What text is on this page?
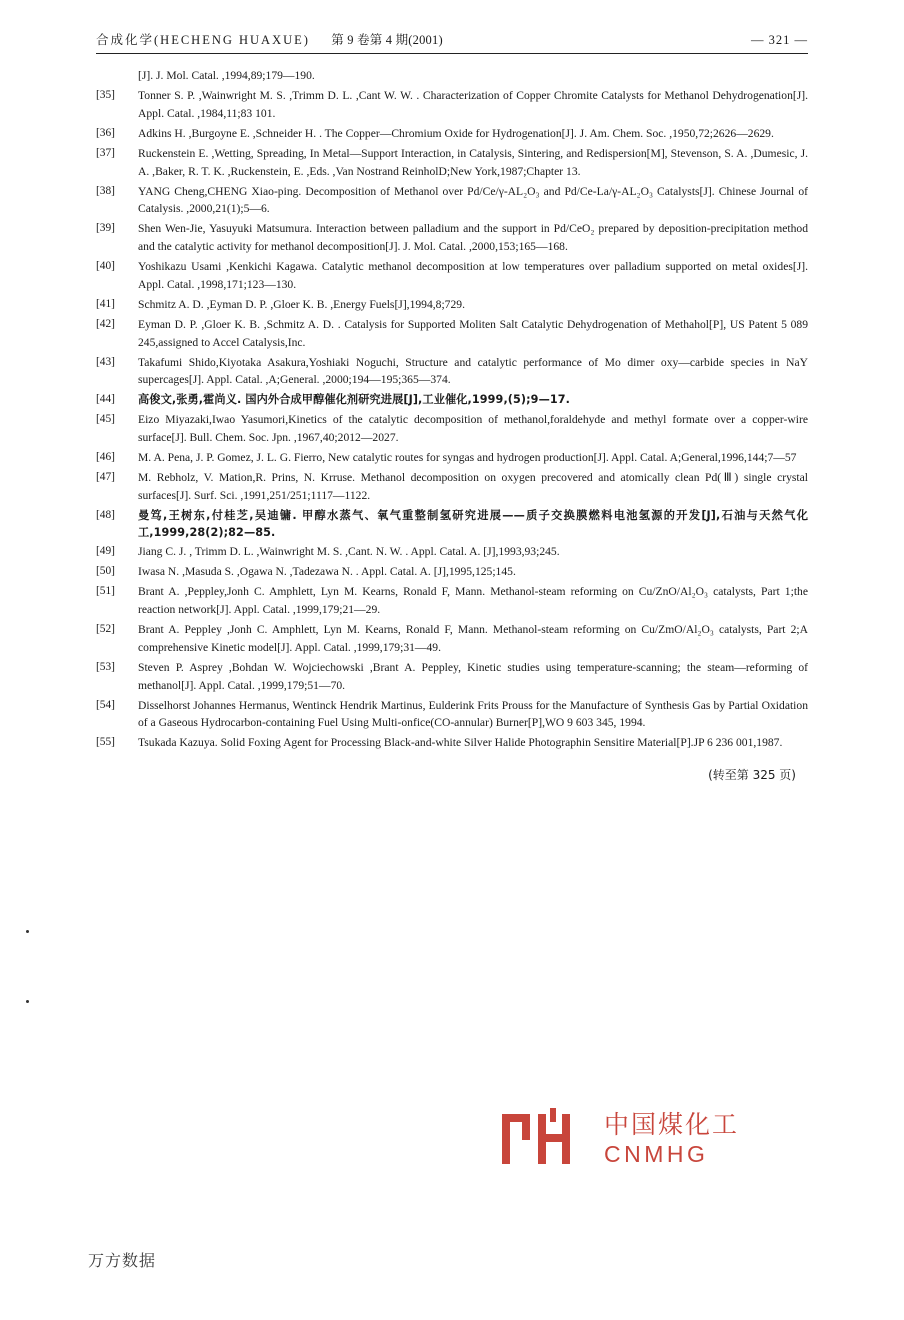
合成化学(HECHENG HUAXUE) 第 9 卷第 4 期(2001)	— 321 —
[J]. J. Mol. Catal. ,1994,89;179—190.
[35]	Tonner S. P. ,Wainwright M. S. ,Trimm D. L. ,Cant W. W. . Characterization of Copper Chromite Catalysts for Methanol Dehydrogenation[J]. Appl. Catal. ,1984,11;83 101.
[36]	Adkins H. ,Burgoyne E. ,Schneider H. . The Copper—Chromium Oxide for Hydrogenation[J]. J. Am. Chem. Soc. ,1950,72;2626—2629.
[37]	Ruckenstein E. ,Wetting, Spreading, In Metal—Support Interaction, in Catalysis, Sintering, and Redispersion[M], Stevenson, S. A. ,Dumesic, J. A. ,Baker, R. T. K. ,Ruckenstein, E. ,Eds. ,Van Nostrand ReinholD;New York,1987;Chapter 13.
[38]	YANG Cheng,CHENG Xiao-ping. Decomposition of Methanol over Pd/Ce/γ-AL₂O₃ and Pd/Ce-La/γ-AL₂O₃ Catalysts[J]. Chinese Journal of Catalysis. ,2000,21(1);5—6.
[39]	Shen Wen-Jie, Yasuyuki Matsumura. Interaction between palladium and the support in Pd/CeO₂ prepared by deposition-precipitation method and the catalytic activity for methanol decomposition[J]. J. Mol. Catal. ,2000,153;165—168.
[40]	Yoshikazu Usami ,Kenkichi Kagawa. Catalytic methanol decomposition at low temperatures over palladium supported on metal oxides[J]. Appl. Catal. ,1998,171;123—130.
[41]	Schmitz A. D. ,Eyman D. P. ,Gloer K. B. ,Energy Fuels[J],1994,8;729.
[42]	Eyman D. P. ,Gloer K. B. ,Schmitz A. D. . Catalysis for Supported Moliten Salt Catalytic Dehydrogenation of Methahol[P], US Patent 5 089 245,assigned to Accel Catalysis,Inc.
[43]	Takafumi Shido,Kiyotaka Asakura,Yoshiaki Noguchi, Structure and catalytic performance of Mo dimer oxy—carbide species in NaY supercages[J]. Appl. Catal. ,A;General. ,2000;194—195;365—374.
[44]	高俊文,张勇,霍尚义. 国内外合成甲醇催化剂研究进展[J],工业催化,1999,(5);9—17.
[45]	Eizo Miyazaki,Iwao Yasumori,Kinetics of the catalytic decomposition of methanol,foraldehyde and methyl formate over a copper-wire surface[J]. Bull. Chem. Soc. Jpn. ,1967,40;2012—2027.
[46]	M. A. Pena, J. P. Gomez, J. L. G. Fierro, New catalytic routes for syngas and hydrogen production[J]. Appl. Catal. A;General,1996,144;7—57
[47]	M. Rebholz, V. Mation,R. Prins, N. Krruse. Methanol decomposition on oxygen precovered and atomically clean Pd(Ⅲ) single crystal surfaces[J]. Surf. Sci. ,1991,251/251;1117—1122.
[48]	曼笃,王树东,付桂芝,吴迪镛. 甲醇水蒸气、氧气重整制氢研究进展——质子交换膜燃料电池氢源的开发[J],石油与天然气化工,1999,28(2);82—85.
[49]	Jiang C. J. , Trimm D. L. ,Wainwright M. S. ,Cant. N. W. . Appl. Catal. A. [J],1993,93;245.
[50]	Iwasa N. ,Masuda S. ,Ogawa N. ,Tadezawa N. . Appl. Catal. A. [J],1995,125;145.
[51]	Brant A. ,Peppley,Jonh C. Amphlett, Lyn M. Kearns, Ronald F, Mann. Methanol-steam reforming on Cu/ZnO/Al₂O₃ catalysts, Part 1;the reaction network[J]. Appl. Catal. ,1999,179;21—29.
[52]	Brant A. Peppley ,Jonh C. Amphlett, Lyn M. Kearns, Ronald F, Mann. Methanol-steam reforming on Cu/ZmO/Al₂O₃ catalysts, Part 2;A comprehensive Kinetic model[J]. Appl. Catal. ,1999,179;31—49.
[53]	Steven P. Asprey ,Bohdan W. Wojciechowski ,Brant A. Peppley, Kinetic studies using temperature-scanning; the steam—reforming of methanol[J]. Appl. Catal. ,1999,179;51—70.
[54]	Disselhorst Johannes Hermanus, Wentinck Hendrik Martinus, Eulderink Frits Prouss for the Manufacture of Synthesis Gas by Partial Oxidation of a Gaseous Hydrocarbon-containing Fuel Using Multi-onfice(CO-annular) Burner[P],WO 9 603 345, 1994.
[55]	Tsukada Kazuya. Solid Foxing Agent for Processing Black-and-white Silver Halide Photographin Sensitire Material[P].JP 6 236 001,1987.
(转至第 325 页)
中国煤化工
CNMHG
万方数据
